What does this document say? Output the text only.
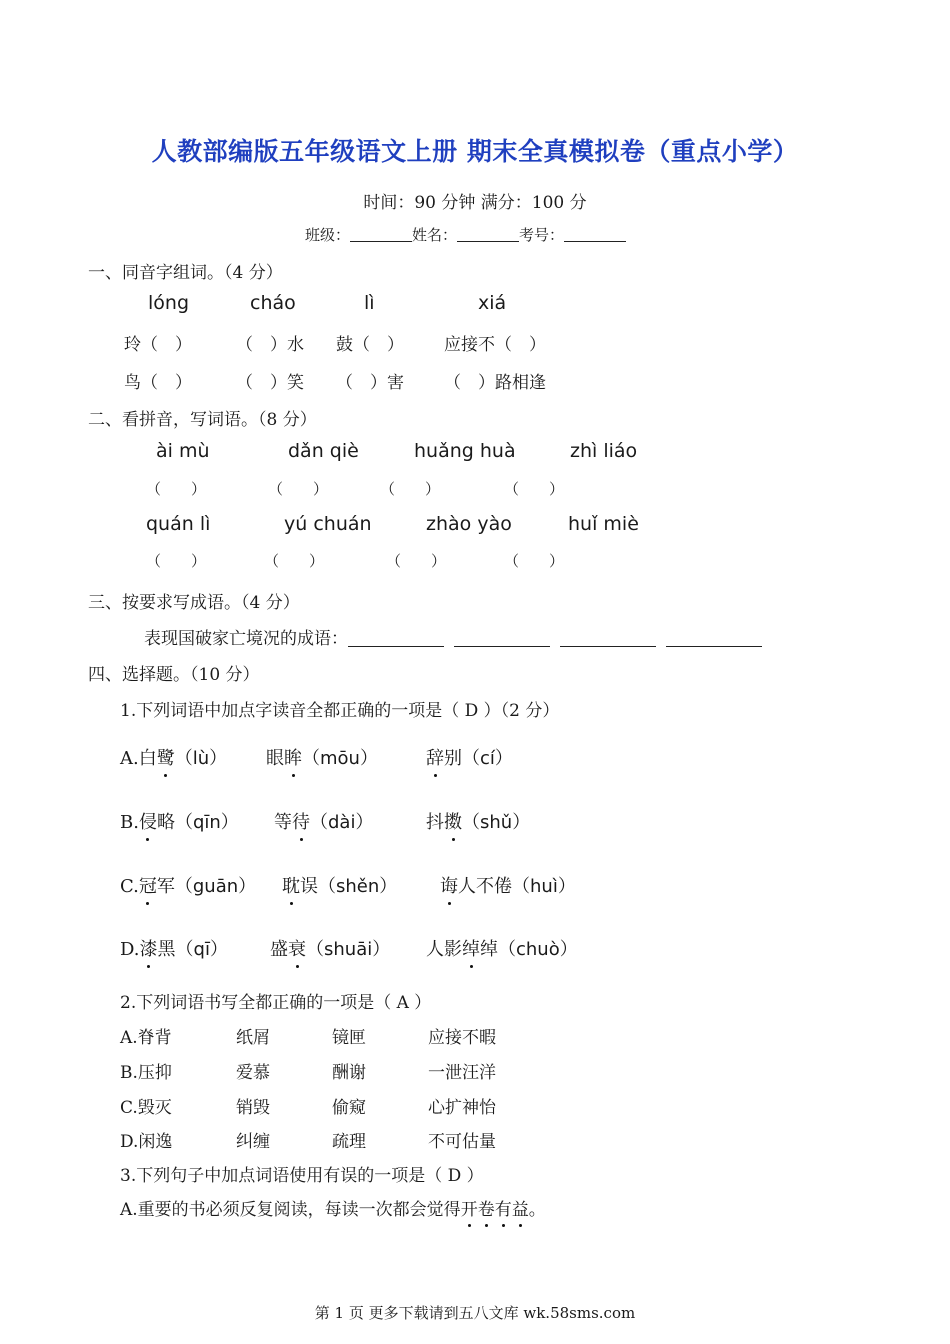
人教部编版五年级语文上册 期末全真模拟卷（重点小学）
时间：90 分钟 满分：100 分
班级：	姓名：	考号：
一、同音字组词。（4 分）
lóng	cháo	lì	xiá
玲（　）	（　）水 鼓（　） 应接不（　）
鸟（　）	（　）笑 （　）害 （　）路相逢
二、看拼音，写词语。（8 分）
ài mù	dǎn qiè	huǎng huà	zhì liáo
（　　）	（　　）	（　　）	（　　）
quán lì	yú chuán	zhào yào	huǐ miè
（　　）	（　　）	（　　）	（　　）
三、按要求写成语。（4 分）
表现国破家亡境况的成语：
四、选择题。（10 分）
1.下列词语中加点字读音全都正确的一项是（ D ）（2 分）
A.白鹭（lù） 眼眸（mōu）	辞别（cí）
B.侵略（qīn） 等待（dài）	抖擞（shǔ）
C.冠军（guān） 耽误（shěn） 诲人不倦（huì）
D.漆黑（qī） 盛衰（shuāi） 人影绰绰（chuò）
2.下列词语书写全都正确的一项是（ A ）
A.脊背	纸屑	镜匣	应接不暇
B.压抑	爱慕	酬谢	一泄汪洋
C.毁灭	销毁	偷窥	心扩神怡
D.闲逸	纠缠	疏理	不可估量
3.下列句子中加点词语使用有误的一项是（ D ）
A.重要的书必须反复阅读，每读一次都会觉得开卷有益。
第 1 页 更多下载请到五八文库 wk.58sms.com
